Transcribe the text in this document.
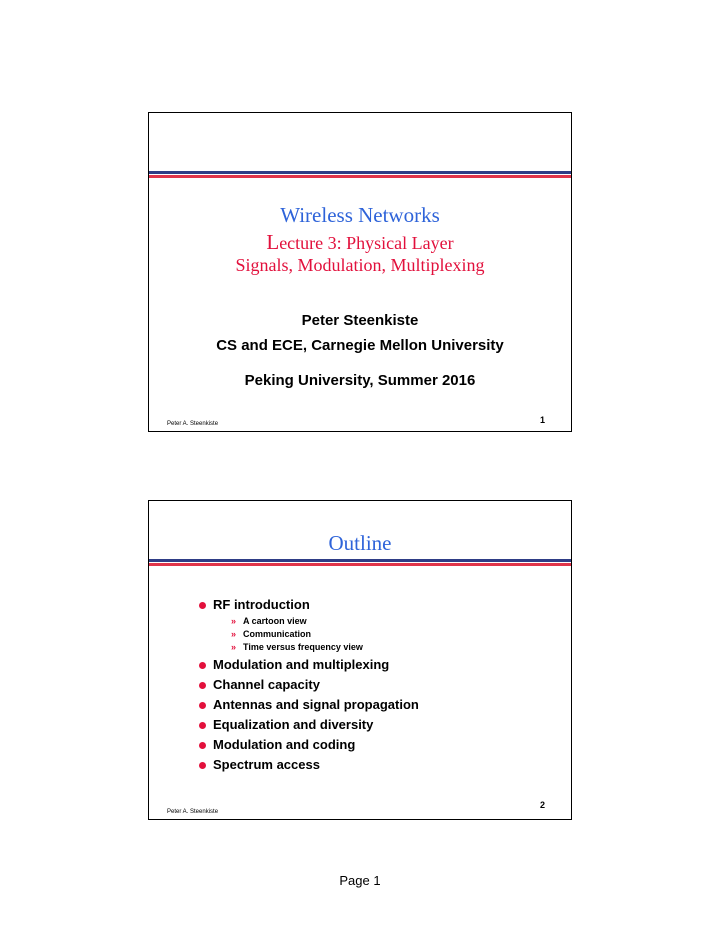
Wireless Networks
Lecture 3: Physical Layer
Signals, Modulation, Multiplexing
Peter Steenkiste
CS and ECE, Carnegie Mellon University
Peking University, Summer 2016
Peter A. Steenkiste	1
Outline
RF introduction
» A cartoon view
» Communication
» Time versus frequency view
Modulation and multiplexing
Channel capacity
Antennas and signal propagation
Equalization and diversity
Modulation and coding
Spectrum access
Peter A. Steenkiste
2
Page 1
